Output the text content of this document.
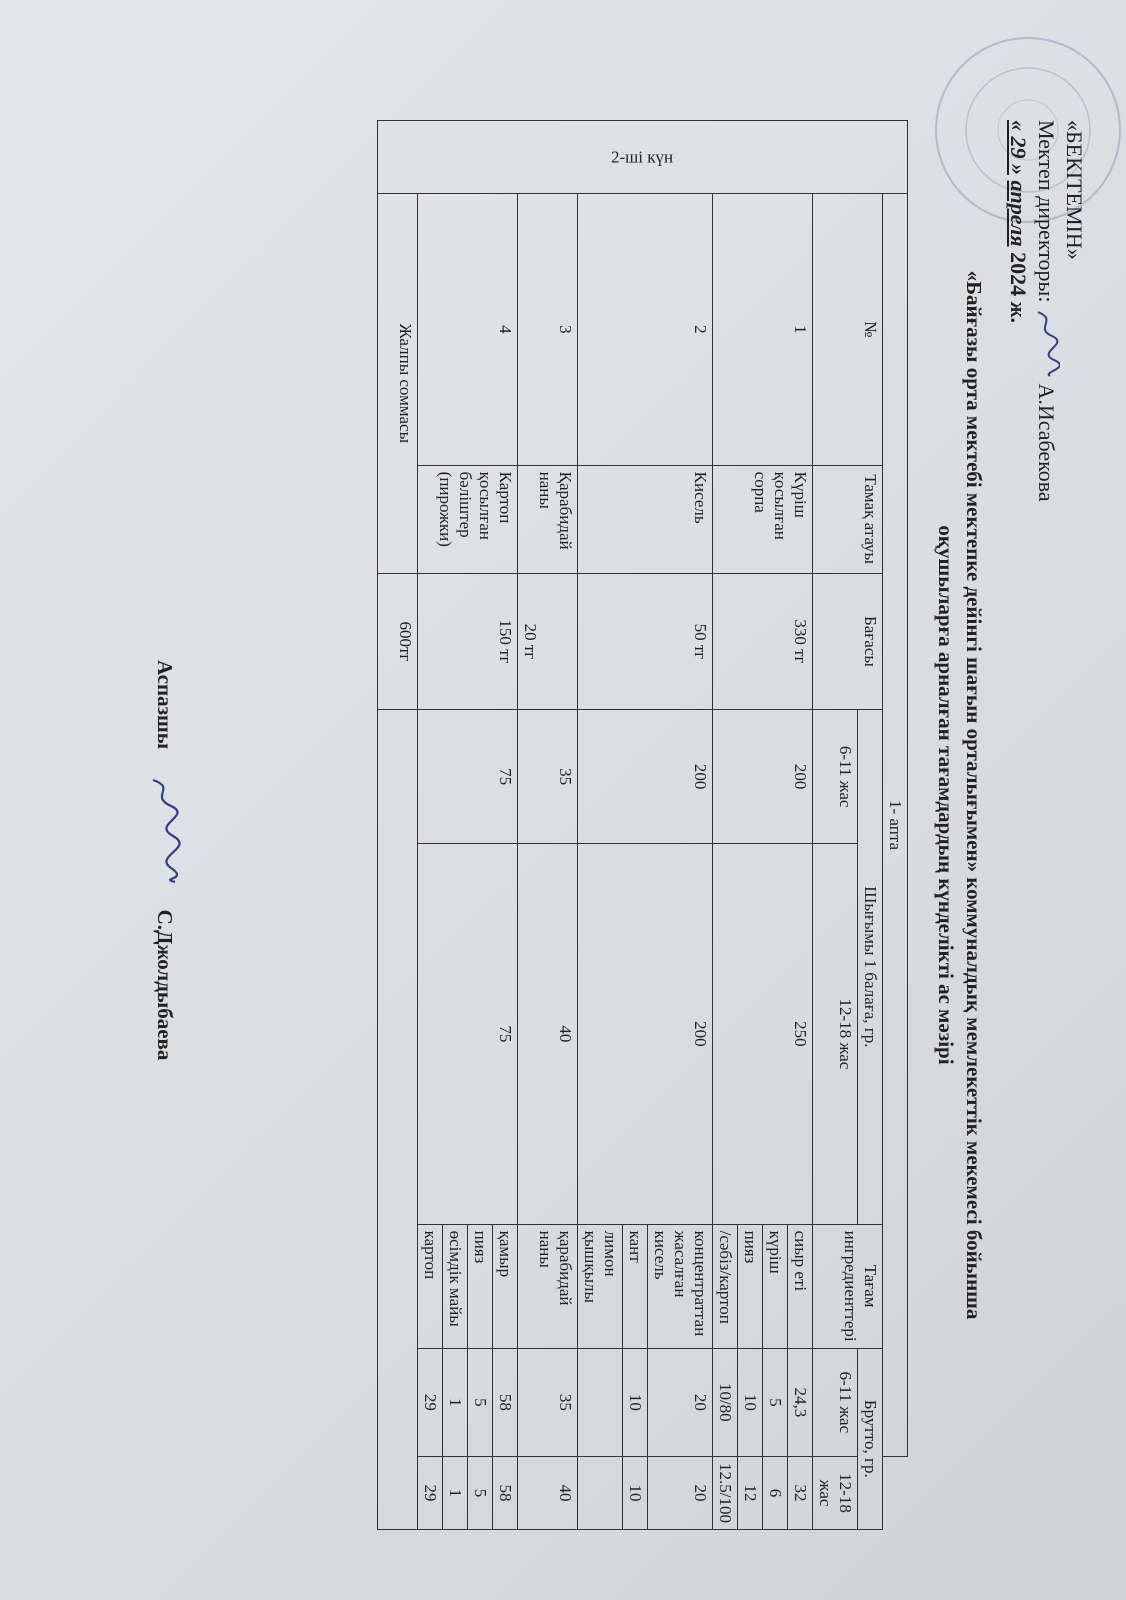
«БЕКІТЕМІН»
Мектеп директоры:  А.Исабекова
« 29 » апреля 2024 ж.
«Байғазы орта мектебі мектепке дейінгі шағын орталығымен» коммуналдық мемлекеттік мекемесі бойынша
оқушыларға арналған тағамдардың күнделікті ас мәзірі
2-ші күн	1- апта							
	№	Тамақ атауы	Бағасы	Шығымы 1 балаға, гр.		Тағам ингредиенттері	Брутто, гр.	
				6-11 жас	12-18 жас		6-11 жас	12-18 жас
	1	Күріш қосылған сорпа	330 тг	200	250	сиыр еті	24,3	32
						күріш	5	6
						пияз	10	12
						/сәбіз/картоп	10/80	12.5/100
	2	Кисель	50 тг	200	200	концентраттан жасалған кисель	20	20
						кант	10	10
						лимон қышқылы		
	3	Қарабидай наны	20 тг	35	40	қарабидай наны	35	40
	4	Картоп қосылған бәліштер (пирожки)	150 тг	75	75	қамыр	58	58
						пияз	5	5
						өсімдік майы	1	1
						картоп	29	29
	Жалпы соммасы		600тг					
Аспазшы  С.Джолдыбаева
